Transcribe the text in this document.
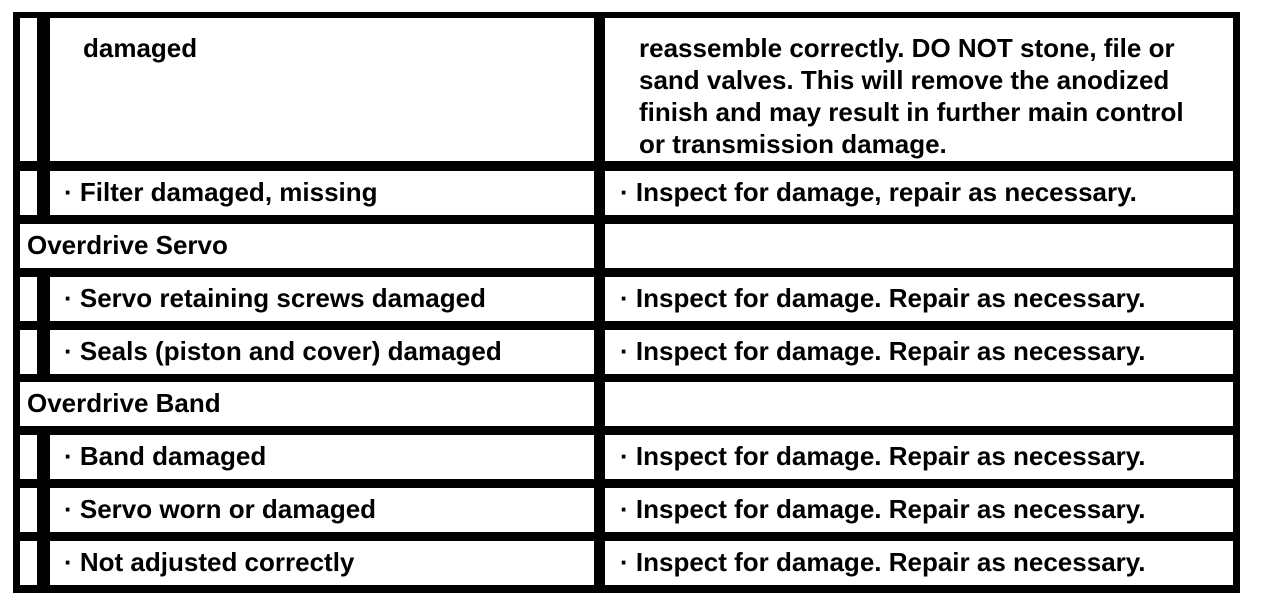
damaged	reassemble correctly. DO NOT stone, file or
sand valves. This will remove the anodized
finish and may result in further main control
or transmission damage.
· Filter damaged, missing	· Inspect for damage, repair as necessary.
Overdrive Servo
· Servo retaining screws damaged	· Inspect for damage. Repair as necessary.
· Seals (piston and cover) damaged	· Inspect for damage. Repair as necessary.
Overdrive Band
· Band damaged	· Inspect for damage. Repair as necessary.
· Servo worn or damaged	· Inspect for damage. Repair as necessary.
· Not adjusted correctly	· Inspect for damage. Repair as necessary.
